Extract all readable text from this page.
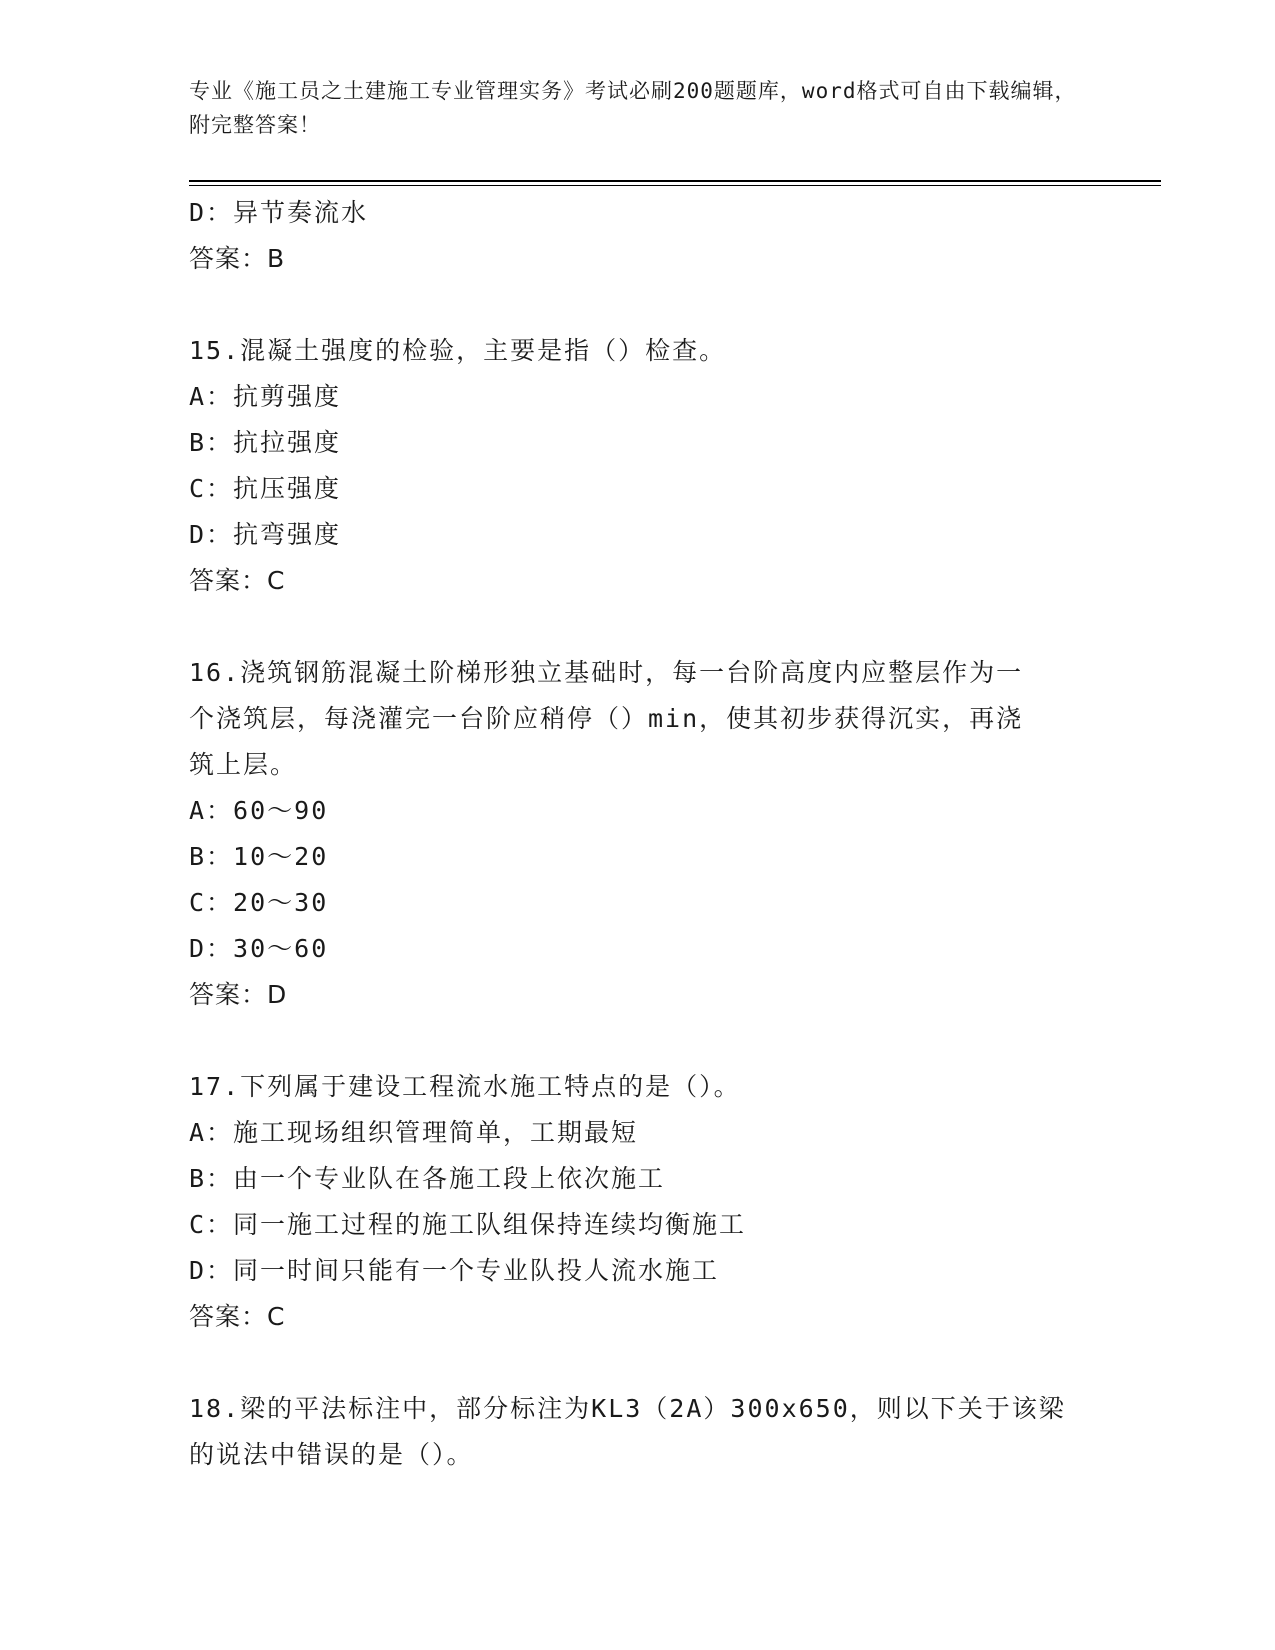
专业《施工员之土建施工专业管理实务》考试必刷200题题库，word格式可自由下载编辑，附完整答案！
D：异节奏流水
答案：B
15.混凝土强度的检验，主要是指（）检查。
A：抗剪强度
B：抗拉强度
C：抗压强度
D：抗弯强度
答案：C
16.浇筑钢筋混凝土阶梯形独立基础时，每一台阶高度内应整层作为一
个浇筑层，每浇灌完一台阶应稍停（）min，使其初步获得沉实，再浇
筑上层。
A：60～90
B：10～20
C：20～30
D：30～60
答案：D
17.下列属于建设工程流水施工特点的是（）。
A：施工现场组织管理简单，工期最短
B：由一个专业队在各施工段上依次施工
C：同一施工过程的施工队组保持连续均衡施工
D：同一时间只能有一个专业队投人流水施工
答案：C
18.梁的平法标注中，部分标注为KL3（2A）300x650，则以下关于该梁
的说法中错误的是（）。
